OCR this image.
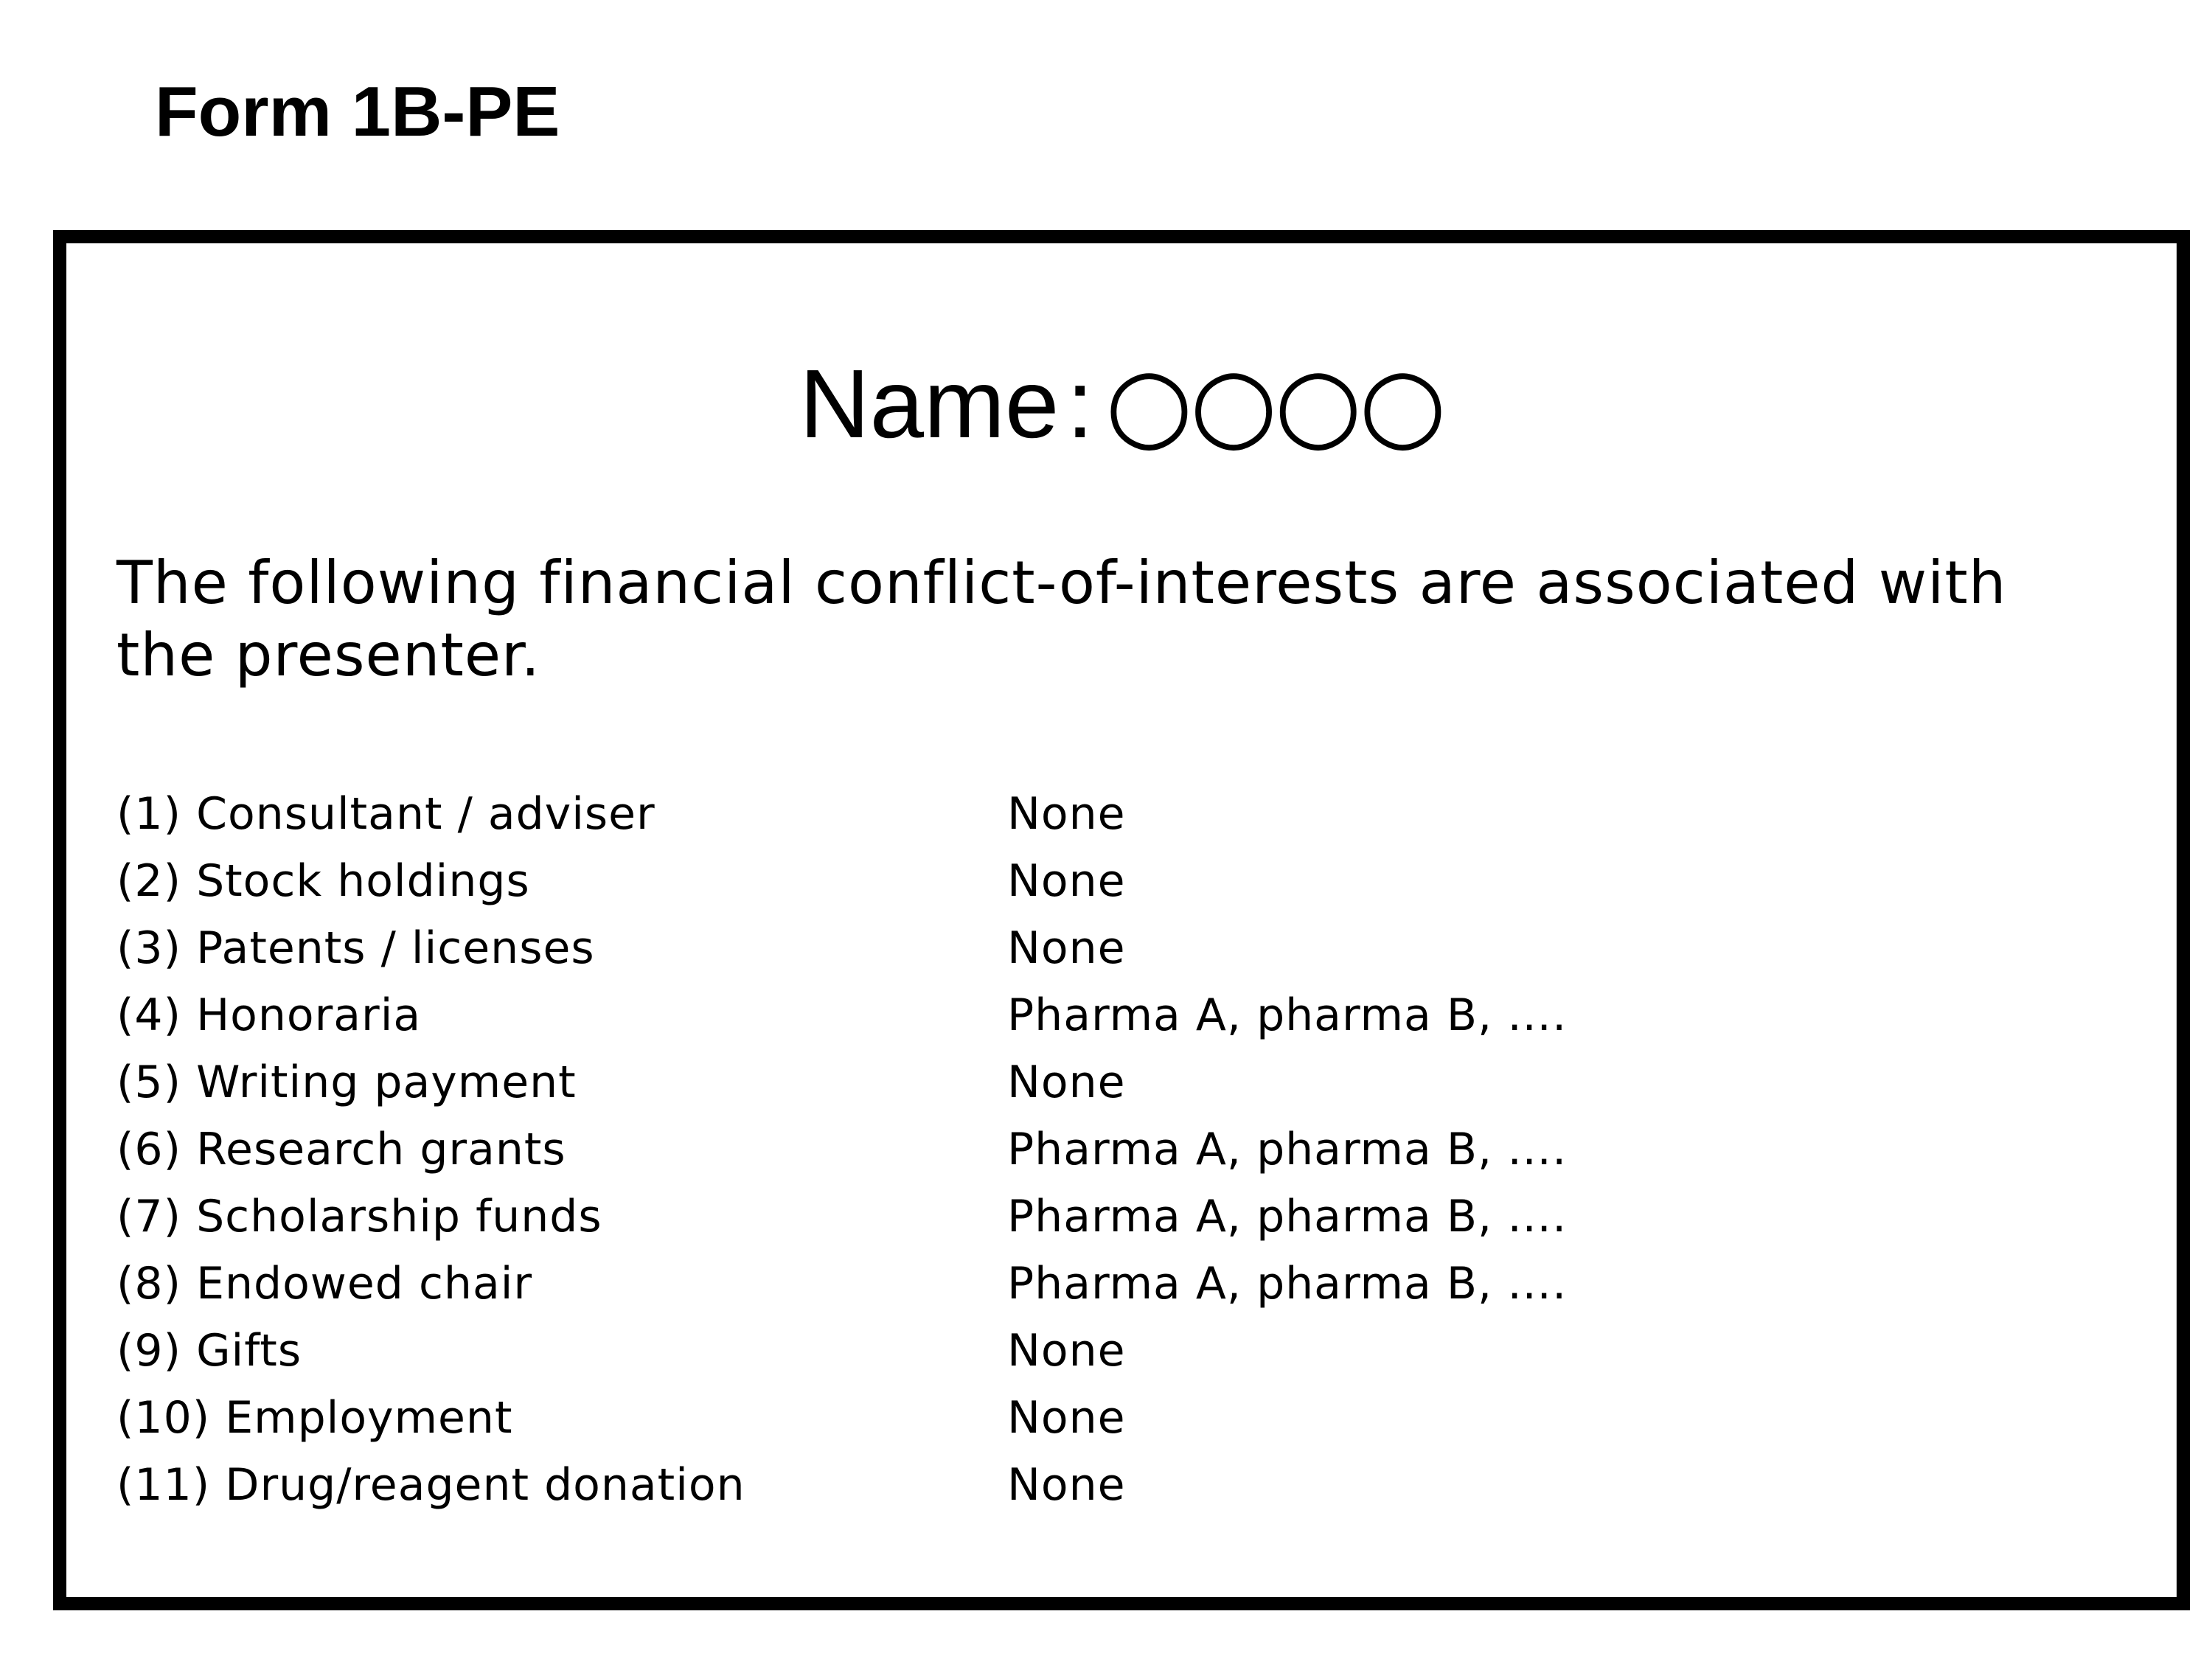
Form 1B-PE
Name : ○○○○

The following financial conflict-of-interests are associated with the presenter.

(1) Consultant / adviser	None
(2) Stock holdings	None
(3) Patents / licenses	None
(4) Honoraria	Pharma A, pharma B, ….
(5) Writing payment	None
(6) Research grants	Pharma A, pharma B, ….
(7) Scholarship funds	Pharma A, pharma B, ….
(8) Endowed chair	Pharma A, pharma B, ….
(9) Gifts	None
(10) Employment	None
(11) Drug/reagent donation	None
